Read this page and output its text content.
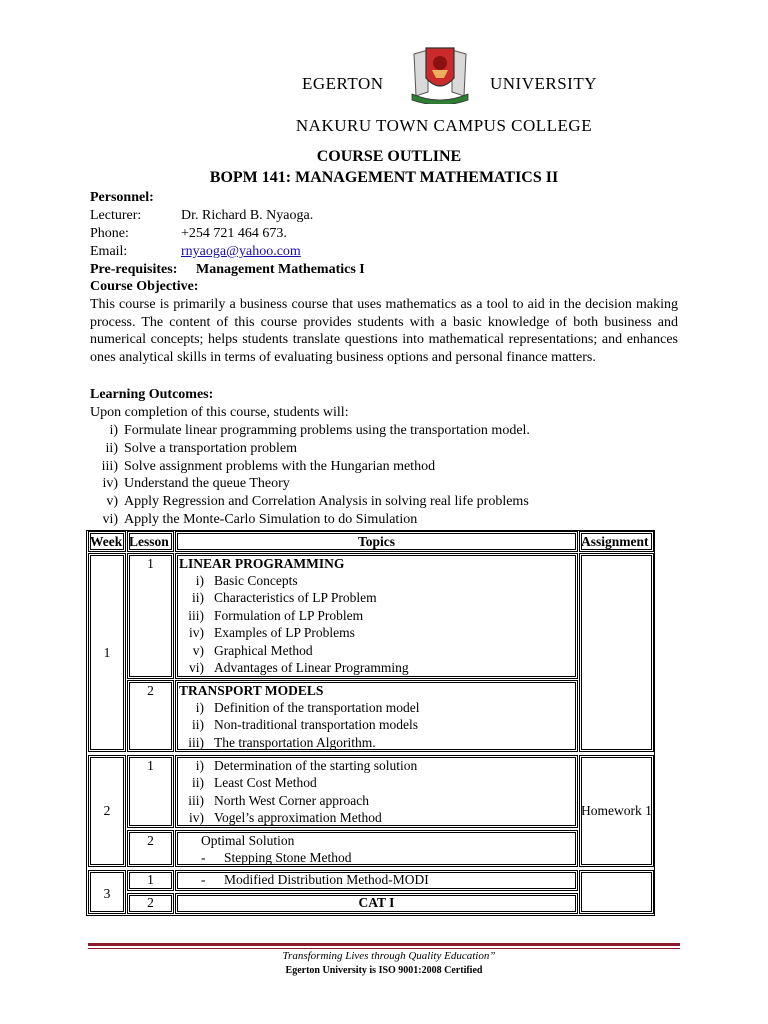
EGERTON	UNIVERSITY
NAKURU TOWN CAMPUS COLLEGE
COURSE OUTLINE
BOPM 141: MANAGEMENT MATHEMATICS II
Personnel:
Lecturer:	Dr. Richard B. Nyaoga.
Phone:	+254 721 464 673.
Email:	rnyaoga@yahoo.com
Pre-requisites: Management Mathematics I
Course Objective:
This course is primarily a business course that uses mathematics as a tool to aid in the decision making process. The content of this course provides students with a basic knowledge of both business and numerical concepts; helps students translate questions into mathematical representations; and enhances ones analytical skills in terms of evaluating business options and personal finance matters.
Learning Outcomes:
Upon completion of this course, students will:
i) Formulate linear programming problems using the transportation model.
ii) Solve a transportation problem
iii) Solve assignment problems with the Hungarian method
iv) Understand the queue Theory
v) Apply Regression and Correlation Analysis in solving real life problems
vi) Apply the Monte-Carlo Simulation to do Simulation
Week Lesson	Topics	Assignment
1
1	LINEAR PROGRAMMING
i) Basic Concepts
ii) Characteristics of LP Problem
iii) Formulation of LP Problem
iv) Examples of LP Problems
v) Graphical Method
vi) Advantages of Linear Programming
2	TRANSPORT MODELS
i) Definition of the transportation model
ii) Non-traditional transportation models
iii) The transportation Algorithm.
2
1	i) Determination of the starting solution
ii) Least Cost Method
iii) North West Corner approach
iv) Vogel’s approximation Method
2	Optimal Solution
- Stepping Stone Method
Homework 1
3
1	- Modified Distribution Method-MODI
2	CAT I
Transforming Lives through Quality Education”
Egerton University is ISO 9001:2008 Certified
